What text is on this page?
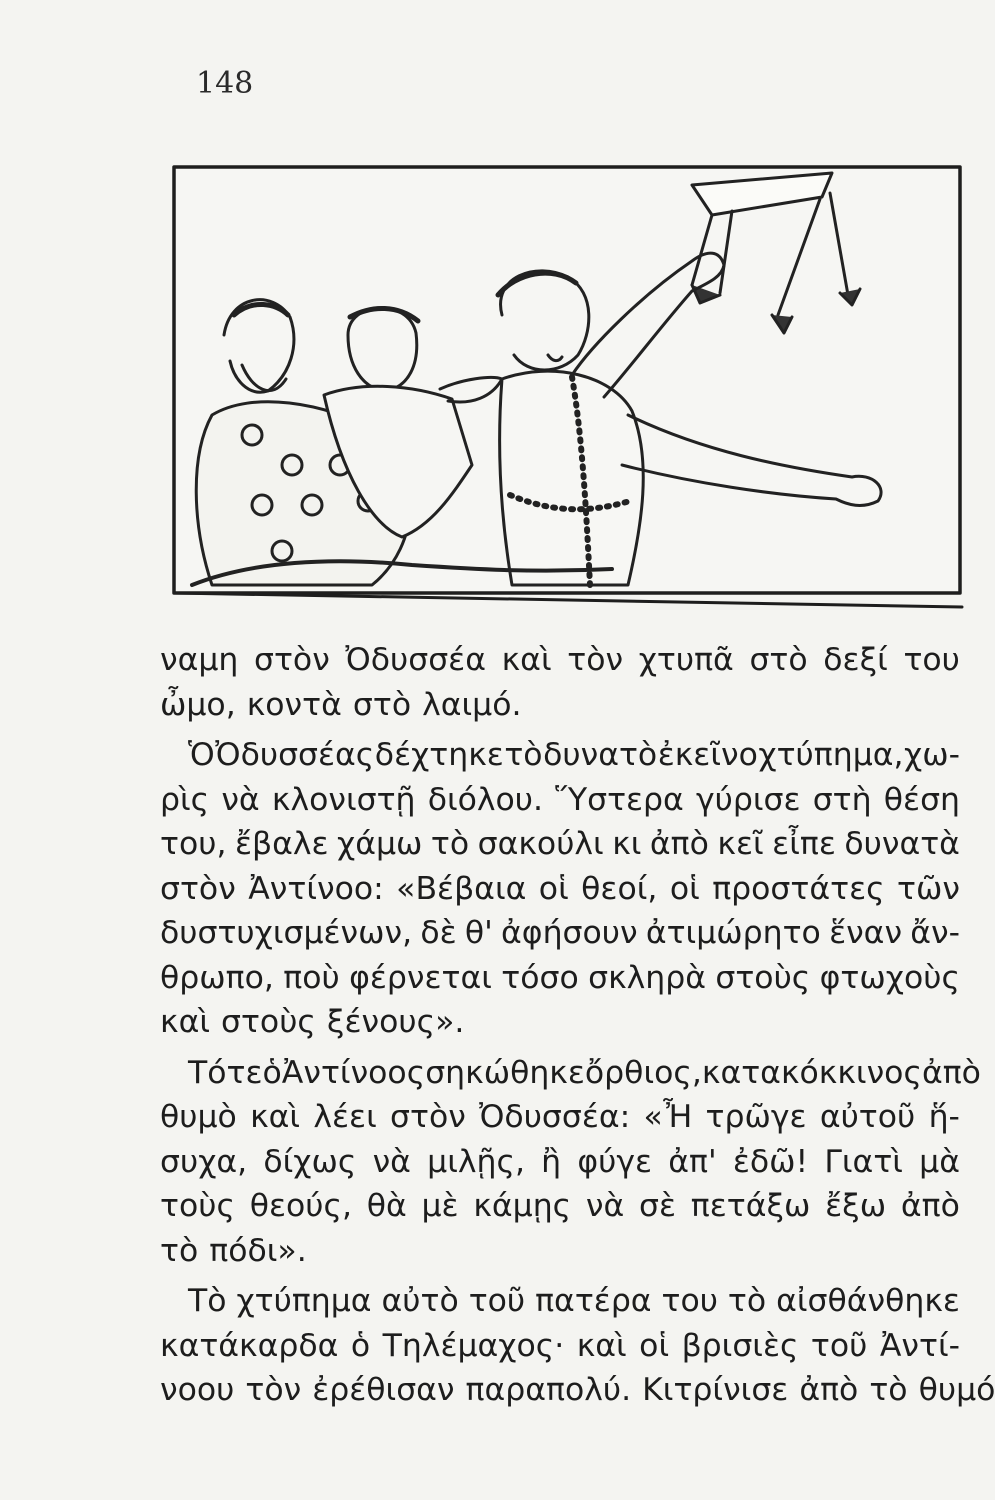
148
ναμη στὸν Ὀδυσσέα καὶ τὸν χτυπᾶ στὸ δεξί του
ὦμο, κοντὰ στὸ λαιμό.
Ὁ Ὀδυσσέας δέχτηκε τὸ δυνατὸ ἐκεῖνο χτύπημα, χω-
ρὶς νὰ κλονιστῇ διόλου. Ὕστερα γύρισε στὴ θέση
του, ἔβαλε χάμω τὸ σακούλι κι ἀπὸ κεῖ εἶπε δυνατὰ
στὸν Ἀντίνοο: «Βέβαια οἱ θεοί, οἱ προστάτες τῶν
δυστυχισμένων, δὲ θ' ἀφήσουν ἀτιμώρητο ἕναν ἄν-
θρωπο, ποὺ φέρνεται τόσο σκληρὰ στοὺς φτωχοὺς
καὶ στοὺς ξένους».
Τότε ὁ Ἀντίνοος σηκώθηκε ὄρθιος, κατακόκκινος ἀπὸ
θυμὸ καὶ λέει στὸν Ὀδυσσέα: «Ἦ τρῶγε αὐτοῦ ἥ-
συχα, δίχως νὰ μιλῇς, ἢ φύγε ἀπ' ἐδῶ! Γιατὶ μὰ
τοὺς θεούς, θὰ μὲ κάμῃς νὰ σὲ πετάξω ἔξω ἀπὸ
τὸ πόδι».
Τὸ χτύπημα αὐτὸ τοῦ πατέρα του τὸ αἰσθάνθηκε
κατάκαρδα ὁ Τηλέμαχος· καὶ οἱ βρισιὲς τοῦ Ἀντί-
νοου τὸν ἐρέθισαν παραπολύ. Κιτρίνισε ἀπὸ τὸ θυμό
